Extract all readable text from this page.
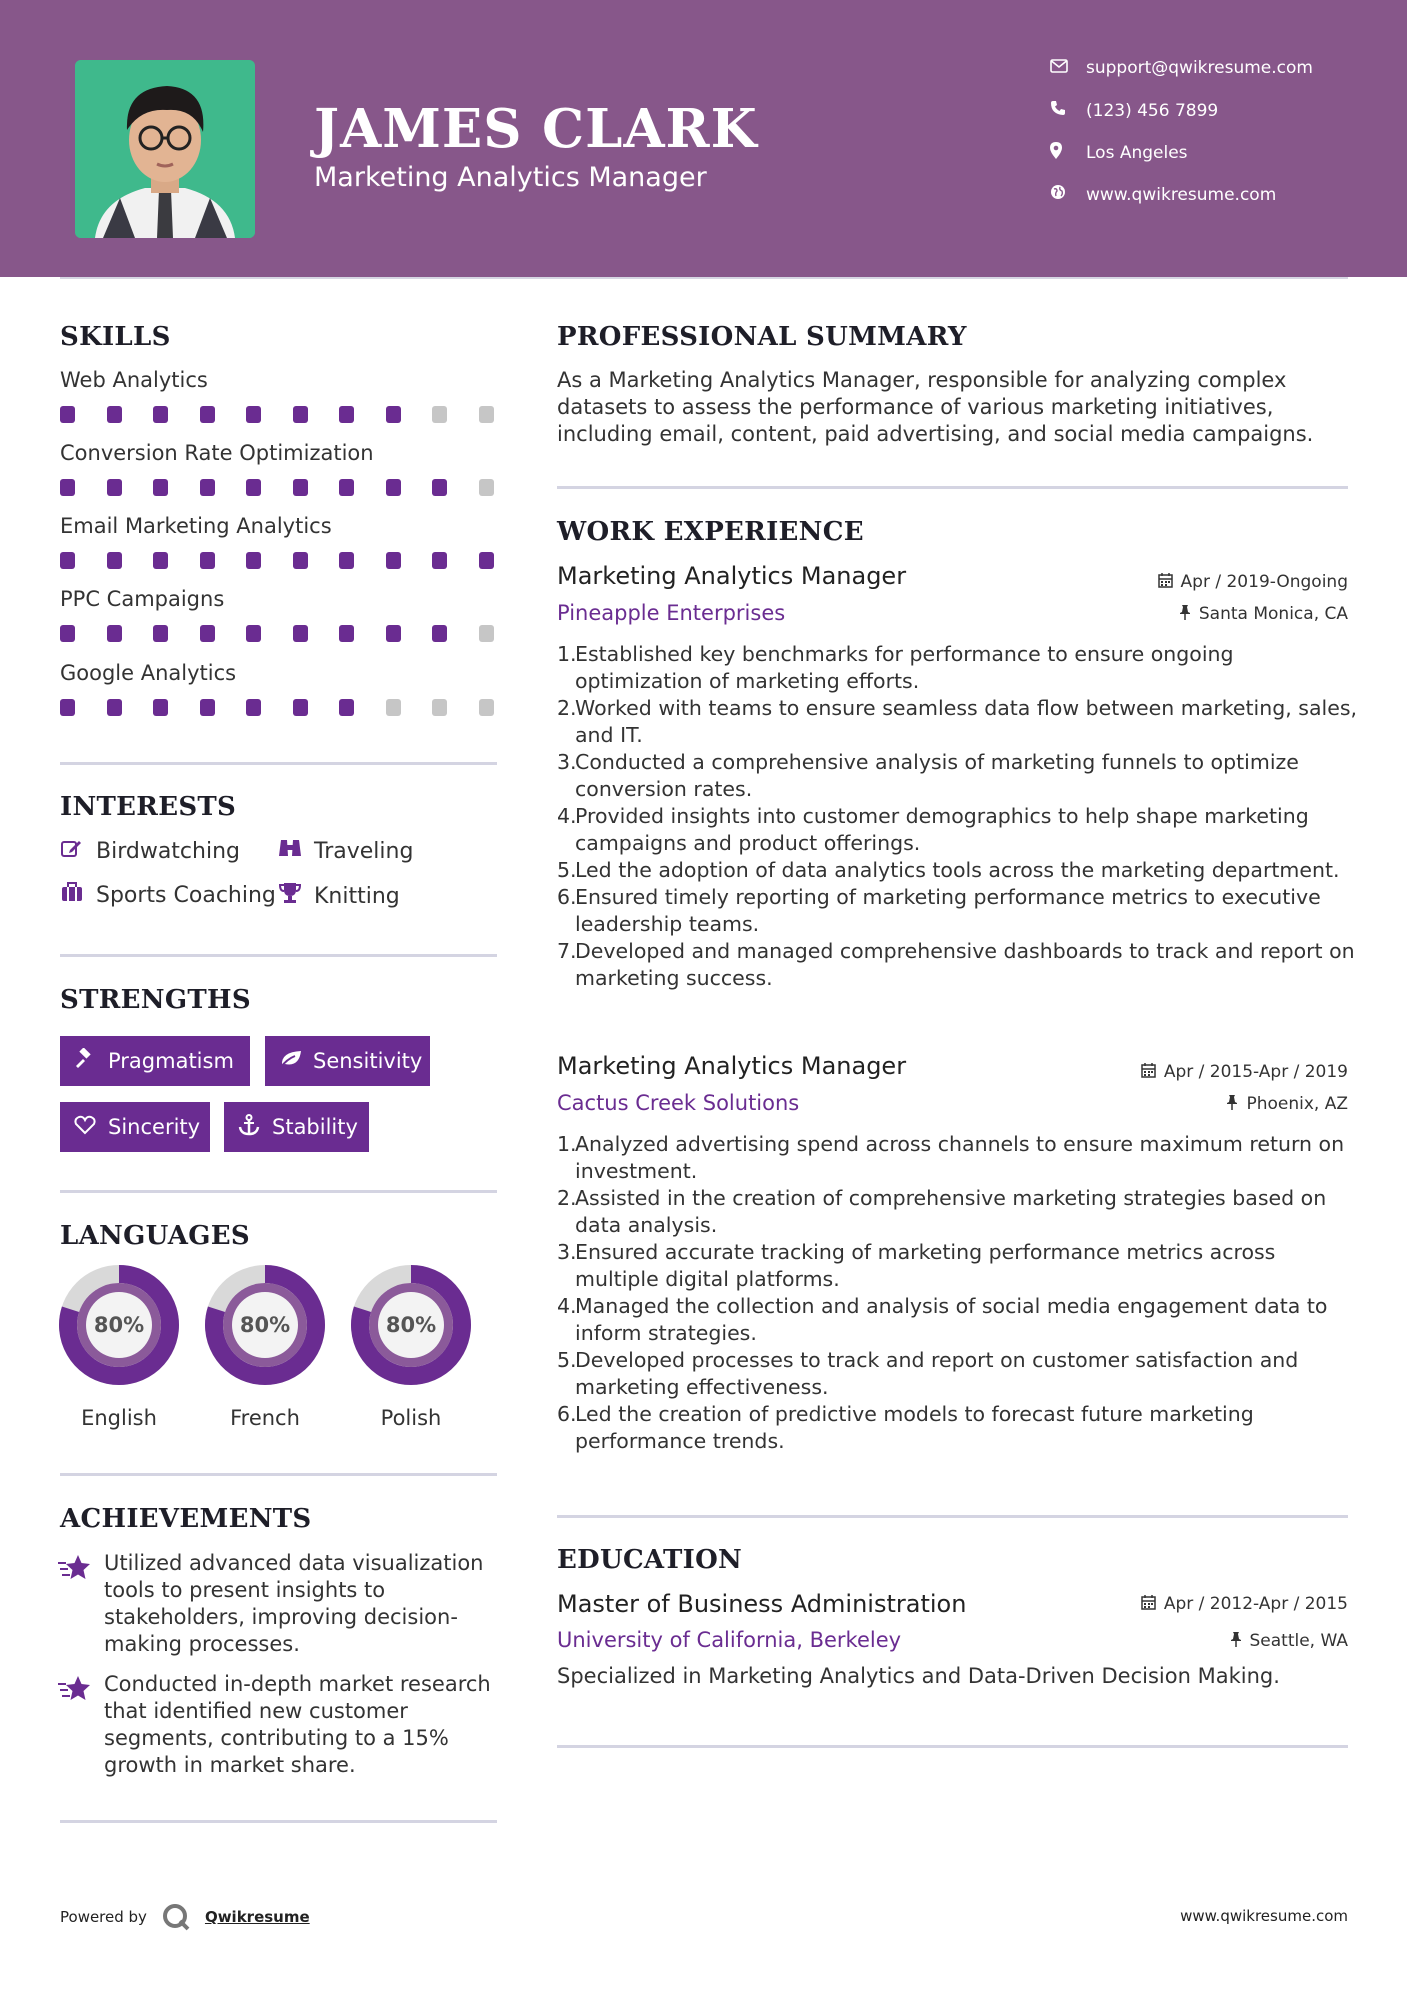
JAMES CLARK
Marketing Analytics Manager
support@qwikresume.com
(123) 456 7899
Los Angeles
www.qwikresume.com
SKILLS
Web Analytics
Conversion Rate Optimization
Email Marketing Analytics
PPC Campaigns
Google Analytics
INTERESTS
Birdwatching	Traveling
Sports Coaching Knitting
STRENGTHS
Pragmatism	Sensitivity
Sincerity	Stability
LANGUAGES
80%
English
80%
French
80%
Polish
ACHIEVEMENTS
Utilized advanced data visualization tools to present insights to stakeholders, improving decision-making processes.
Conducted in-depth market research that identified new customer segments, contributing to a 15% growth in market share.
PROFESSIONAL SUMMARY
As a Marketing Analytics Manager, responsible for analyzing complex datasets to assess the performance of various marketing initiatives, including email, content, paid advertising, and social media campaigns.
WORK EXPERIENCE
Marketing Analytics Manager
Pineapple Enterprises
Apr / 2019-Ongoing
Santa Monica, CA
1.
Established key benchmarks for performance to ensure ongoing optimization of marketing efforts.
2.
Worked with teams to ensure seamless data flow between marketing, sales, and IT.
3.
Conducted a comprehensive analysis of marketing funnels to optimize conversion rates.
4.
Provided insights into customer demographics to help shape marketing campaigns and product offerings.
5.
Led the adoption of data analytics tools across the marketing department.
6.
Ensured timely reporting of marketing performance metrics to executive leadership teams.
7.
Developed and managed comprehensive dashboards to track and report on marketing success.
Marketing Analytics Manager
Cactus Creek Solutions
Apr / 2015-Apr / 2019
Phoenix, AZ
1.
Analyzed advertising spend across channels to ensure maximum return on investment.
2.
Assisted in the creation of comprehensive marketing strategies based on data analysis.
3.
Ensured accurate tracking of marketing performance metrics across multiple digital platforms.
4.
Managed the collection and analysis of social media engagement data to inform strategies.
5.
Developed processes to track and report on customer satisfaction and marketing effectiveness.
6.
Led the creation of predictive models to forecast future marketing performance trends.
EDUCATION
Master of Business Administration
University of California, Berkeley
Apr / 2012-Apr / 2015
Seattle, WA
Specialized in Marketing Analytics and Data-Driven Decision Making.
Powered by	Qwikresume	www.qwikresume.com
